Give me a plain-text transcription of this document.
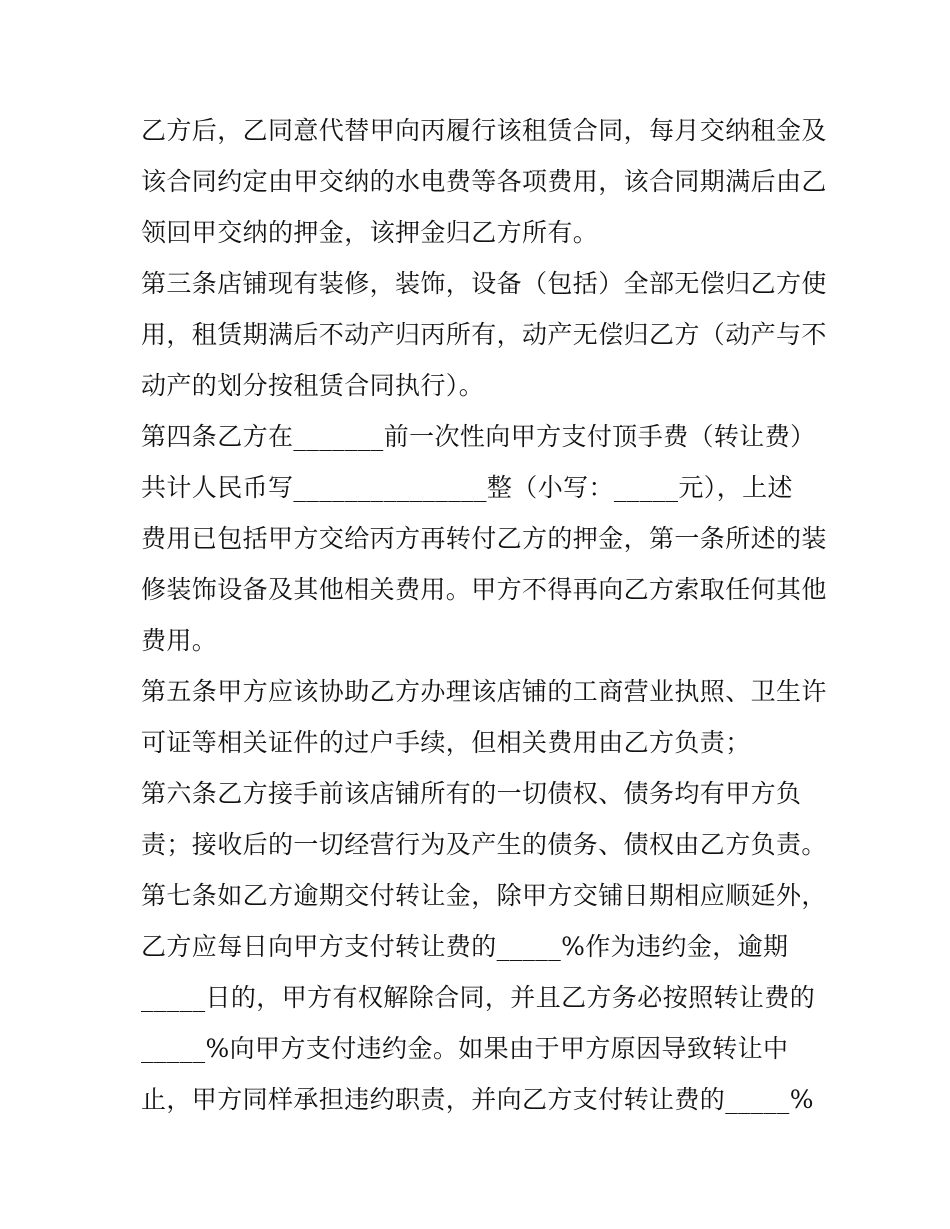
乙方后，乙同意代替甲向丙履行该租赁合同，每月交纳租金及
该合同约定由甲交纳的水电费等各项费用，该合同期满后由乙
领回甲交纳的押金，该押金归乙方所有。
第三条店铺现有装修，装饰，设备（包括）全部无偿归乙方使
用，租赁期满后不动产归丙所有，动产无偿归乙方（动产与不
动产的划分按租赁合同执行）。
第四条乙方在_______前一次性向甲方支付顶手费（转让费）
共计人民币写_______________整（小写：_____元），上述
费用已包括甲方交给丙方再转付乙方的押金，第一条所述的装
修装饰设备及其他相关费用。甲方不得再向乙方索取任何其他
费用。
第五条甲方应该协助乙方办理该店铺的工商营业执照、卫生许
可证等相关证件的过户手续，但相关费用由乙方负责；
第六条乙方接手前该店铺所有的一切债权、债务均有甲方负
责；接收后的一切经营行为及产生的债务、债权由乙方负责。
第七条如乙方逾期交付转让金，除甲方交铺日期相应顺延外，
乙方应每日向甲方支付转让费的_____%作为违约金，逾期
_____日的，甲方有权解除合同，并且乙方务必按照转让费的
_____%向甲方支付违约金。如果由于甲方原因导致转让中
止，甲方同样承担违约职责，并向乙方支付转让费的_____%
